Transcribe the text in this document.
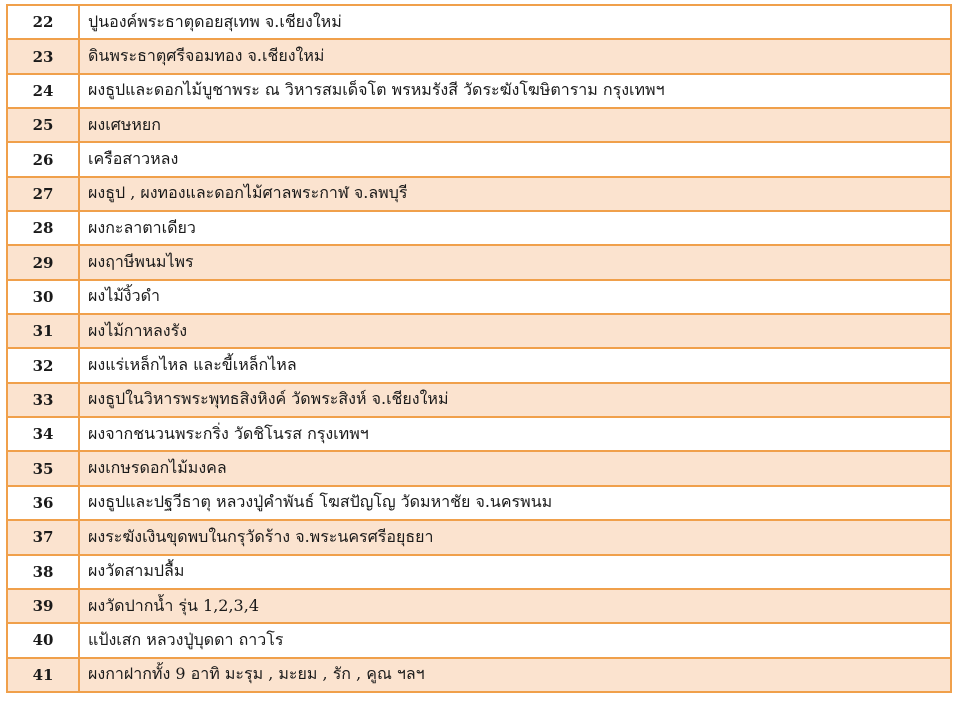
22	ปูนองค์พระธาตุดอยสุเทพ จ.เชียงใหม่
23	ดินพระธาตุศรีจอมทอง จ.เชียงใหม่
24	ผงธูปและดอกไม้บูชาพระ ณ วิหารสมเด็จโต พรหมรังสี วัดระฆังโฆษิตาราม กรุงเทพฯ
25	ผงเศษหยก
26	เครือสาวหลง
27	ผงธูป , ผงทองและดอกไม้ศาลพระกาฬ จ.ลพบุรี
28	ผงกะลาตาเดียว
29	ผงฤาษีพนมไพร
30	ผงไม้งิ้วดำ
31	ผงไม้กาหลงรัง
32	ผงแร่เหล็กไหล และขี้เหล็กไหล
33	ผงธูปในวิหารพระพุทธสิงหิงค์ วัดพระสิงห์ จ.เชียงใหม่
34	ผงจากชนวนพระกริ่ง วัดชิโนรส กรุงเทพฯ
35	ผงเกษรดอกไม้มงคล
36	ผงธูปและปฐวีธาตุ หลวงปู่คำพันธ์ โฆสปัญโญ วัดมหาชัย จ.นครพนม
37	ผงระฆังเงินขุดพบในกรุวัดร้าง จ.พระนครศรีอยุธยา
38	ผงวัดสามปลื้ม
39	ผงวัดปากน้ำ รุ่น 1,2,3,4
40	แป้งเสก หลวงปู่บุดดา ถาวโร
41	ผงกาฝากทั้ง 9 อาทิ มะรุม , มะยม , รัก , คูณ ฯลฯ
